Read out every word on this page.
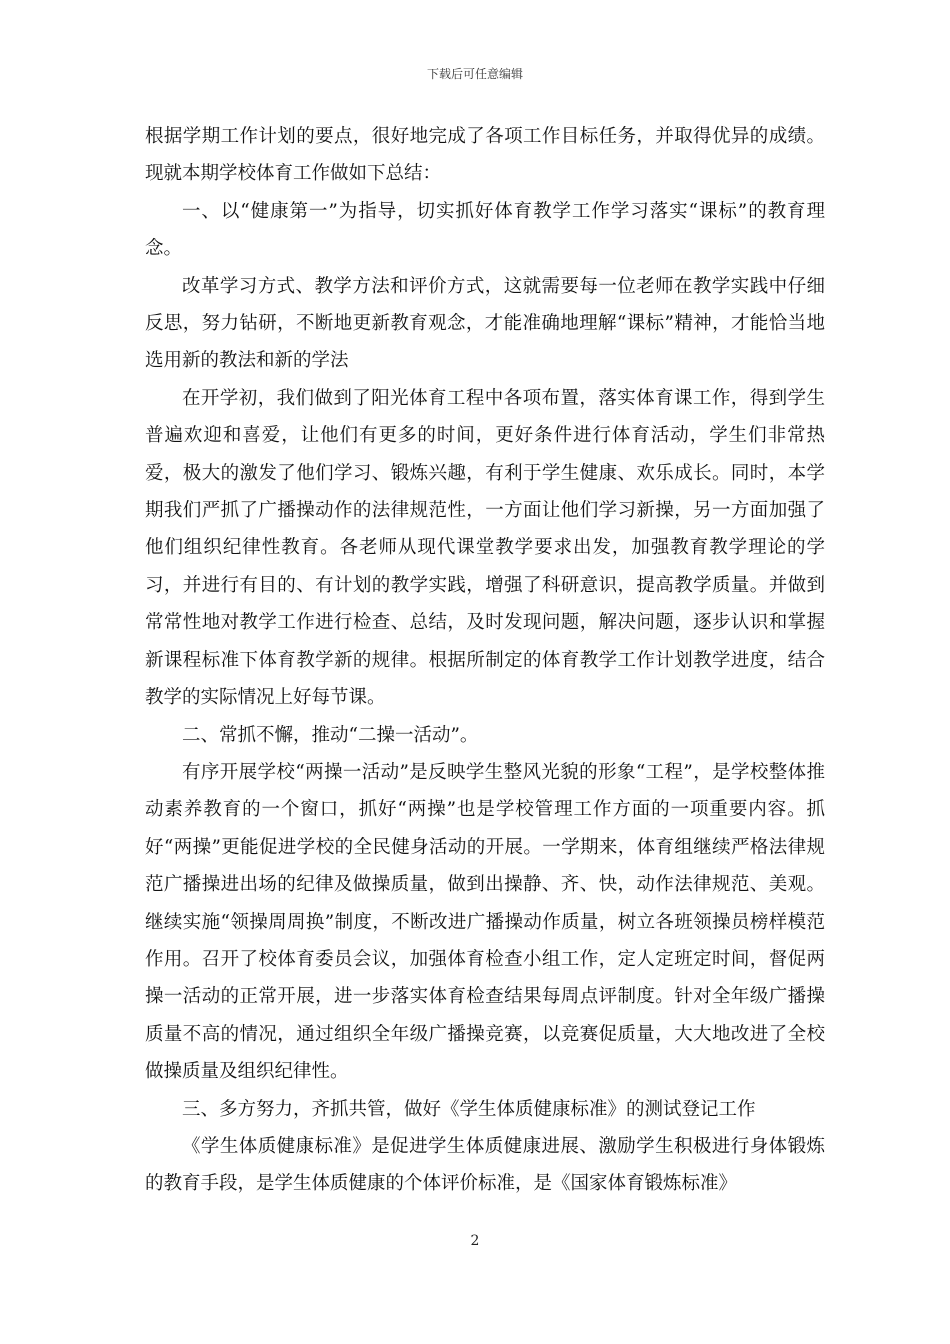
下载后可任意编辑

根据学期工作计划的要点，很好地完成了各项工作目标任务，并取得优异的成绩。现就本期学校体育工作做如下总结：

一、以“健康第一”为指导，切实抓好体育教学工作学习落实“课标”的教育理念。

改革学习方式、教学方法和评价方式，这就需要每一位老师在教学实践中仔细反思，努力钻研，不断地更新教育观念，才能准确地理解“课标”精神，才能恰当地选用新的教法和新的学法

在开学初，我们做到了阳光体育工程中各项布置，落实体育课工作，得到学生普遍欢迎和喜爱，让他们有更多的时间，更好条件进行体育活动，学生们非常热爱，极大的激发了他们学习、锻炼兴趣，有利于学生健康、欢乐成长。同时，本学期我们严抓了广播操动作的法律规范性，一方面让他们学习新操，另一方面加强了他们组织纪律性教育。各老师从现代课堂教学要求出发，加强教育教学理论的学习，并进行有目的、有计划的教学实践，增强了科研意识，提高教学质量。并做到常常性地对教学工作进行检查、总结，及时发现问题，解决问题，逐步认识和掌握新课程标准下体育教学新的规律。根据所制定的体育教学工作计划教学进度，结合教学的实际情况上好每节课。

二、常抓不懈，推动“二操一活动”。

有序开展学校“两操一活动”是反映学生整风光貌的形象“工程”，是学校整体推动素养教育的一个窗口，抓好“两操”也是学校管理工作方面的一项重要内容。抓好“两操”更能促进学校的全民健身活动的开展。一学期来，体育组继续严格法律规范广播操进出场的纪律及做操质量，做到出操静、齐、快，动作法律规范、美观。继续实施“领操周周换”制度，不断改进广播操动作质量，树立各班领操员榜样模范作用。召开了校体育委员会议，加强体育检查小组工作，定人定班定时间，督促两操一活动的正常开展，进一步落实体育检查结果每周点评制度。针对全年级广播操质量不高的情况，通过组织全年级广播操竞赛，以竞赛促质量，大大地改进了全校做操质量及组织纪律性。

三、多方努力，齐抓共管，做好《学生体质健康标准》的测试登记工作

《学生体质健康标准》是促进学生体质健康进展、激励学生积极进行身体锻炼的教育手段，是学生体质健康的个体评价标准，是《国家体育锻炼标准》

2
